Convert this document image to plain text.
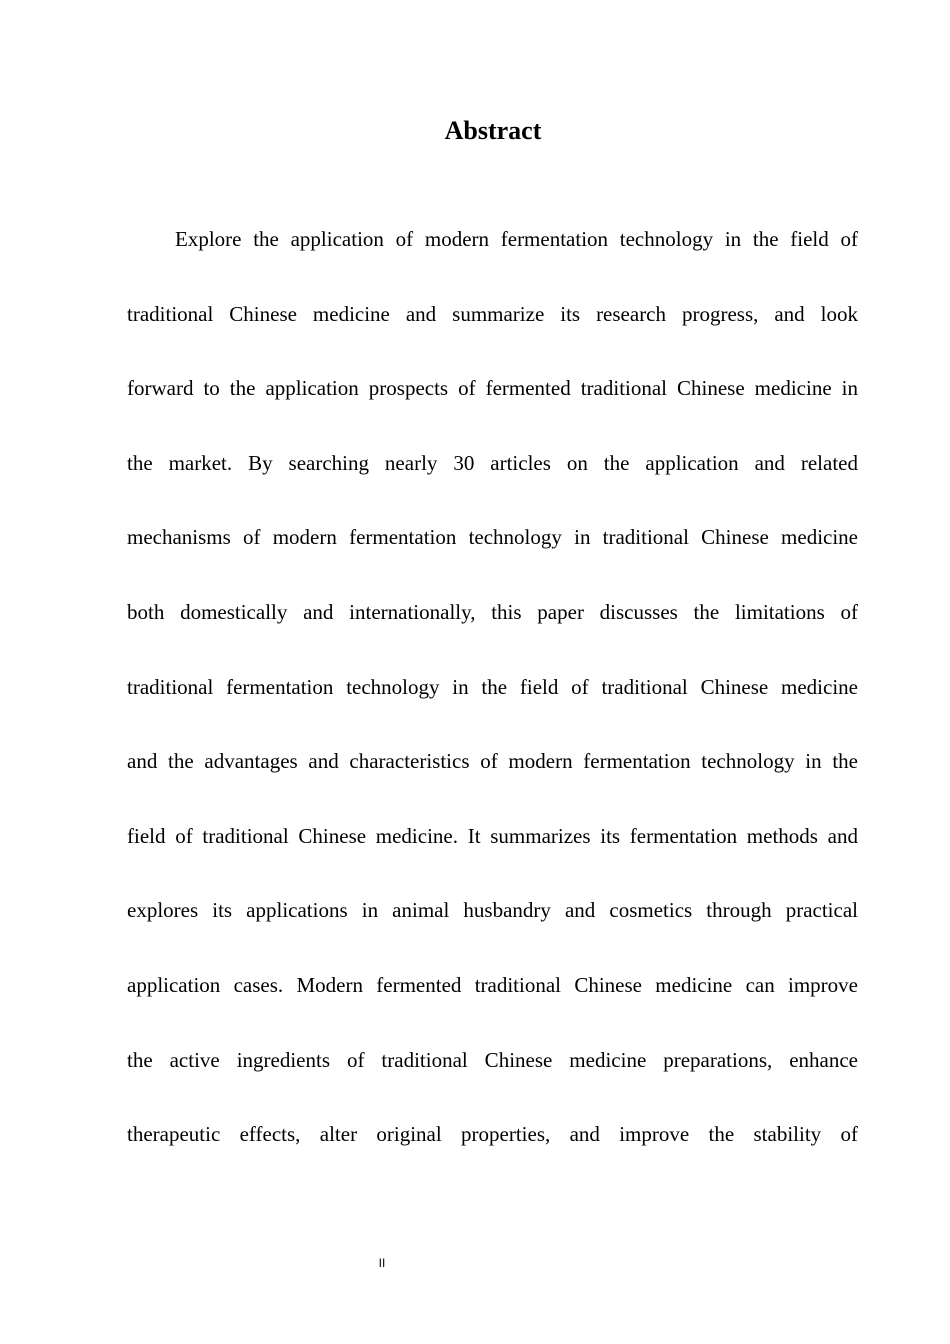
Abstract
Explore the application of modern fermentation technology in the field of
traditional Chinese medicine and summarize its research progress, and look
forward to the application prospects of fermented traditional Chinese medicine in
the market. By searching nearly 30 articles on the application and related
mechanisms of modern fermentation technology in traditional Chinese medicine
both domestically and internationally, this paper discusses the limitations of
traditional fermentation technology in the field of traditional Chinese medicine
and the advantages and characteristics of modern fermentation technology in the
field of traditional Chinese medicine. It summarizes its fermentation methods and
explores its applications in animal husbandry and cosmetics through practical
application cases. Modern fermented traditional Chinese medicine can improve
the active ingredients of traditional Chinese medicine preparations, enhance
therapeutic effects, alter original properties, and improve the stability of
II
